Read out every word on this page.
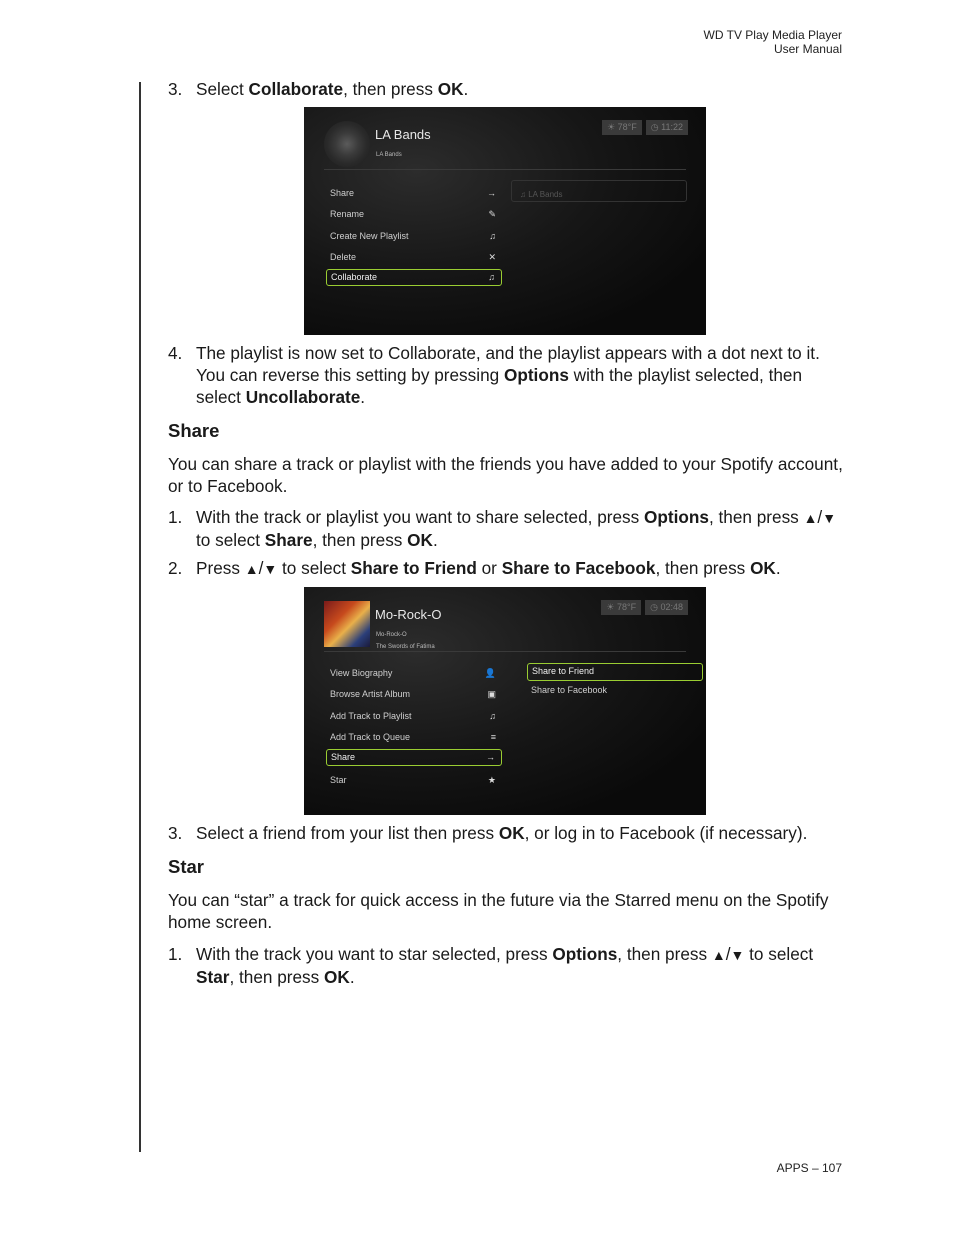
WD TV Play Media Player
User Manual

3. Select Collaborate, then press OK.

LA Bands
LA Bands
☀ 78°F	◷ 11:22
♫ LA Bands
Share	→
Rename	✎
Create New Playlist	♫
Delete	✕
Collaborate	♫

4. The playlist is now set to Collaborate, and the playlist appears with a dot next to it. You can reverse this setting by pressing Options with the playlist selected, then select Uncollaborate.

Share

You can share a track or playlist with the friends you have added to your Spotify account, or to Facebook.

1. With the track or playlist you want to share selected, press Options, then press ▲/▼ to select Share, then press OK.

2. Press ▲/▼ to select Share to Friend or Share to Facebook, then press OK.

Mo-Rock-O
Mo-Rock-O
The Swords of Fatima
☀ 78°F	◷ 02:48
View Biography	👤
Browse Artist Album	▣
Add Track to Playlist	♫
Add Track to Queue	≡
Share	→
Star	★
Share to Friend
Share to Facebook

3. Select a friend from your list then press OK, or log in to Facebook (if necessary).

Star

You can “star” a track for quick access in the future via the Starred menu on the Spotify home screen.

1. With the track you want to star selected, press Options, then press ▲/▼ to select Star, then press OK.

APPS – 107
